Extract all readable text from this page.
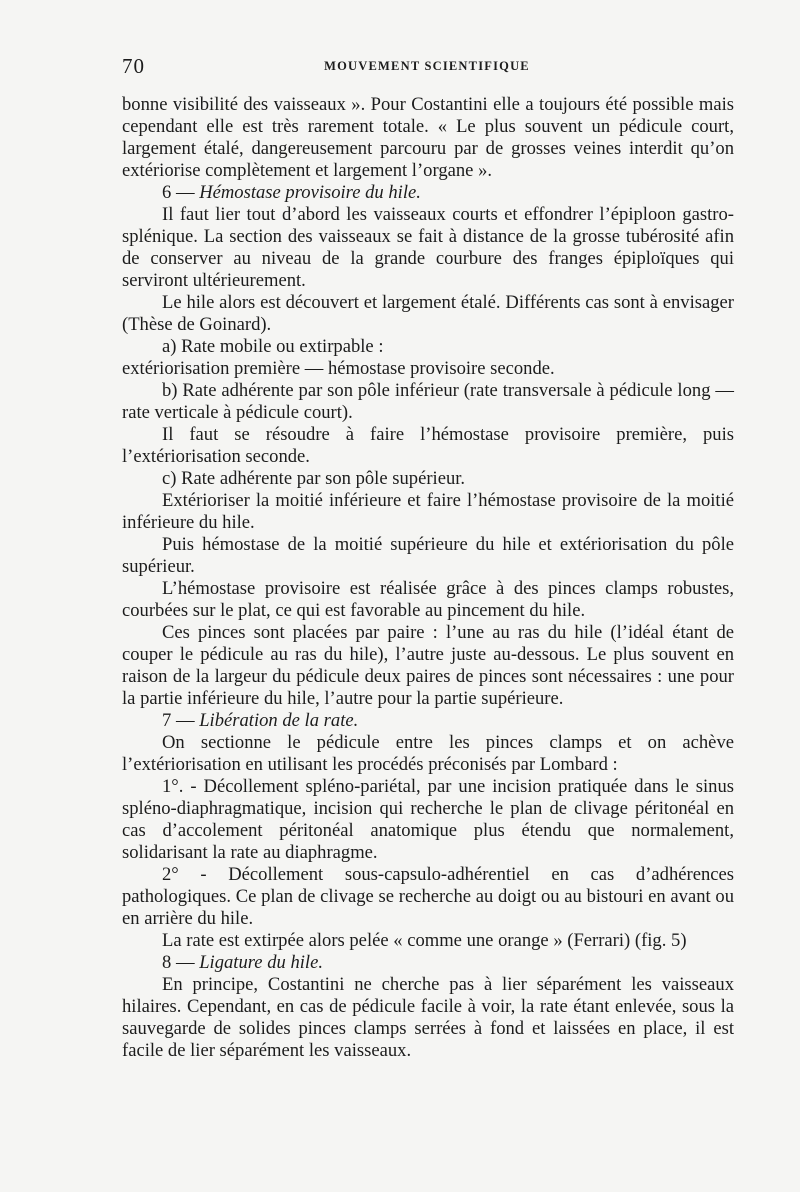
70	MOUVEMENT SCIENTIFIQUE

bonne visibilité des vaisseaux ». Pour Costantini elle a toujours été possible mais cependant elle est très rarement totale. « Le plus souvent un pédicule court, largement étalé, dangereusement parcouru par de grosses veines interdit qu’on extériorise complètement et largement l’organe ».

6 — Hémostase provisoire du hile.

Il faut lier tout d’abord les vaisseaux courts et effondrer l’épiploon gastro-splénique. La section des vaisseaux se fait à distance de la grosse tubérosité afin de conserver au niveau de la grande courbure des franges épiploïques qui serviront ultérieurement.

Le hile alors est découvert et largement étalé. Différents cas sont à envisager (Thèse de Goinard).

a) Rate mobile ou extirpable :

extériorisation première — hémostase provisoire seconde.

b) Rate adhérente par son pôle inférieur (rate transversale à pédicule long — rate verticale à pédicule court).

Il faut se résoudre à faire l’hémostase provisoire première, puis l’extériorisation seconde.

c) Rate adhérente par son pôle supérieur.

Extérioriser la moitié inférieure et faire l’hémostase provisoire de la moitié inférieure du hile.

Puis hémostase de la moitié supérieure du hile et extériorisation du pôle supérieur.

L’hémostase provisoire est réalisée grâce à des pinces clamps robustes, courbées sur le plat, ce qui est favorable au pincement du hile.

Ces pinces sont placées par paire : l’une au ras du hile (l’idéal étant de couper le pédicule au ras du hile), l’autre juste au-dessous. Le plus souvent en raison de la largeur du pédicule deux paires de pinces sont nécessaires : une pour la partie inférieure du hile, l’autre pour la partie supérieure.

7 — Libération de la rate.

On sectionne le pédicule entre les pinces clamps et on achève l’extériorisation en utilisant les procédés préconisés par Lombard :

1°. - Décollement spléno-pariétal, par une incision pratiquée dans le sinus spléno-diaphragmatique, incision qui recherche le plan de clivage péritonéal en cas d’accolement péritonéal anatomique plus étendu que normalement, solidarisant la rate au diaphragme.

2° - Décollement sous-capsulo-adhérentiel en cas d’adhérences pathologiques. Ce plan de clivage se recherche au doigt ou au bistouri en avant ou en arrière du hile.

La rate est extirpée alors pelée « comme une orange » (Ferrari) (fig. 5)

8 — Ligature du hile.

En principe, Costantini ne cherche pas à lier séparément les vaisseaux hilaires. Cependant, en cas de pédicule facile à voir, la rate étant enlevée, sous la sauvegarde de solides pinces clamps serrées à fond et laissées en place, il est facile de lier séparément les vaisseaux.
